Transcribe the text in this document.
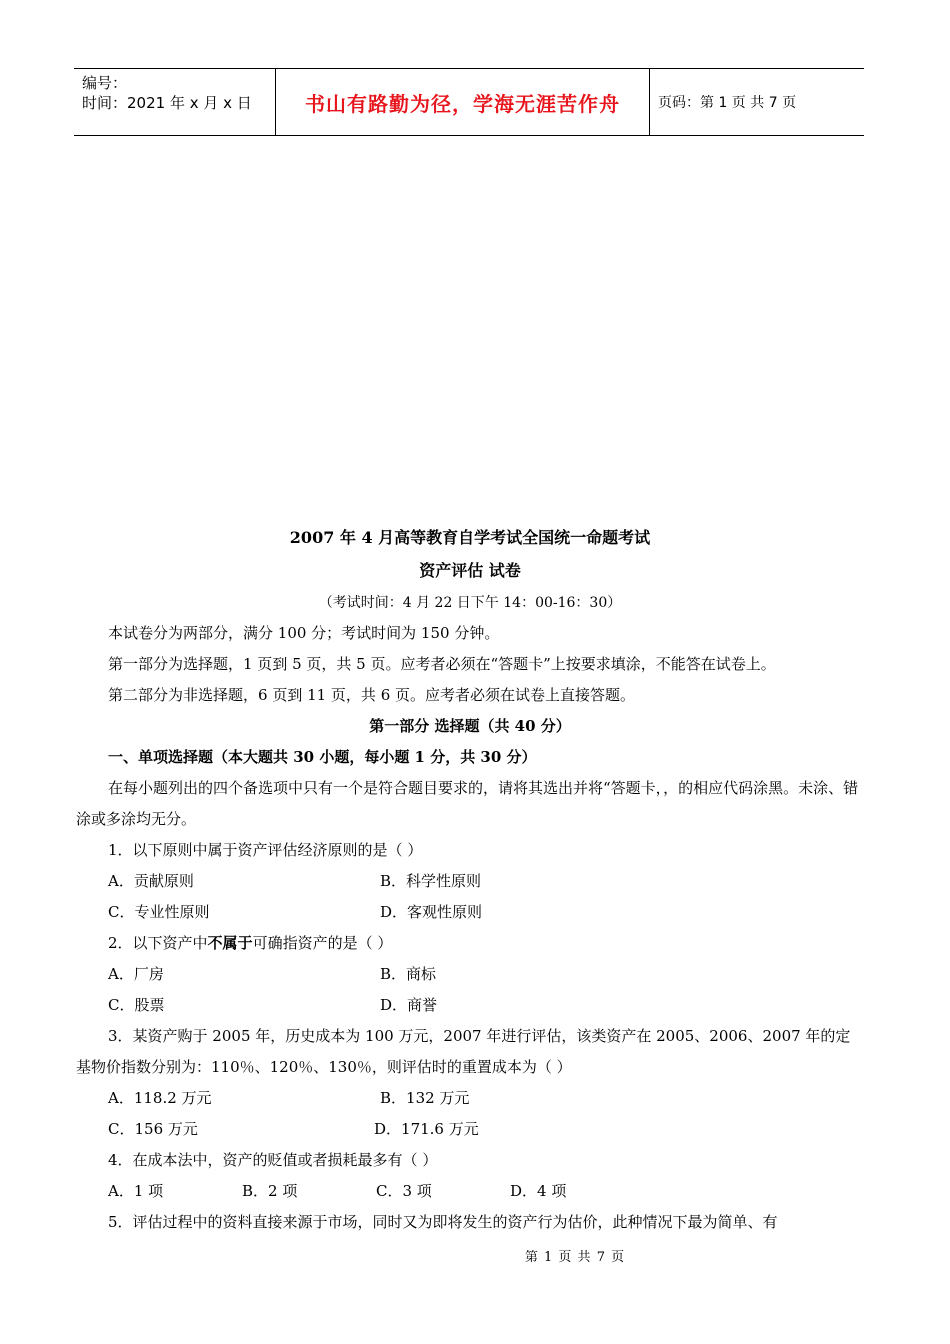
编号：
时间：2021 年 x 月 x 日	书山有路勤为径，学海无涯苦作舟	页码：第 1 页 共 7 页
2007 年 4 月高等教育自学考试全国统一命题考试
资产评估 试卷
（考试时间：4 月 22 日下午 14：00-16：30）
本试卷分为两部分，满分 100 分；考试时间为 150 分钟。
第一部分为选择题，1 页到 5 页，共 5 页。应考者必须在“答题卡”上按要求填涂，不能答在试卷上。
第二部分为非选择题，6 页到 11 页，共 6 页。应考者必须在试卷上直接答题。
第一部分 选择题（共 40 分）
一、单项选择题（本大题共 30 小题，每小题 1 分，共 30 分）
在每小题列出的四个备选项中只有一个是符合题目要求的，请将其选出并将“答题卡，，的相应代码涂黑。未涂、错涂或多涂均无分。
1．以下原则中属于资产评估经济原则的是（ ）
A．贡献原则	B．科学性原则
C．专业性原则	D．客观性原则
2．以下资产中不属于可确指资产的是（ ）
A．厂房	B．商标
C．股票	D．商誉
3．某资产购于 2005 年，历史成本为 100 万元，2007 年进行评估，该类资产在 2005、2006、2007 年的定基物价指数分别为：110％、120％、130％，则评估时的重置成本为（ ）
A．118.2 万元	B．132 万元
C．156 万元	D．171.6 万元
4．在成本法中，资产的贬值或者损耗最多有（ ）
A．1 项	B．2 项	C．3 项	D．4 项
5．评估过程中的资料直接来源于市场，同时又为即将发生的资产行为估价，此种情况下最为简单、有
第 1 页 共 7 页
